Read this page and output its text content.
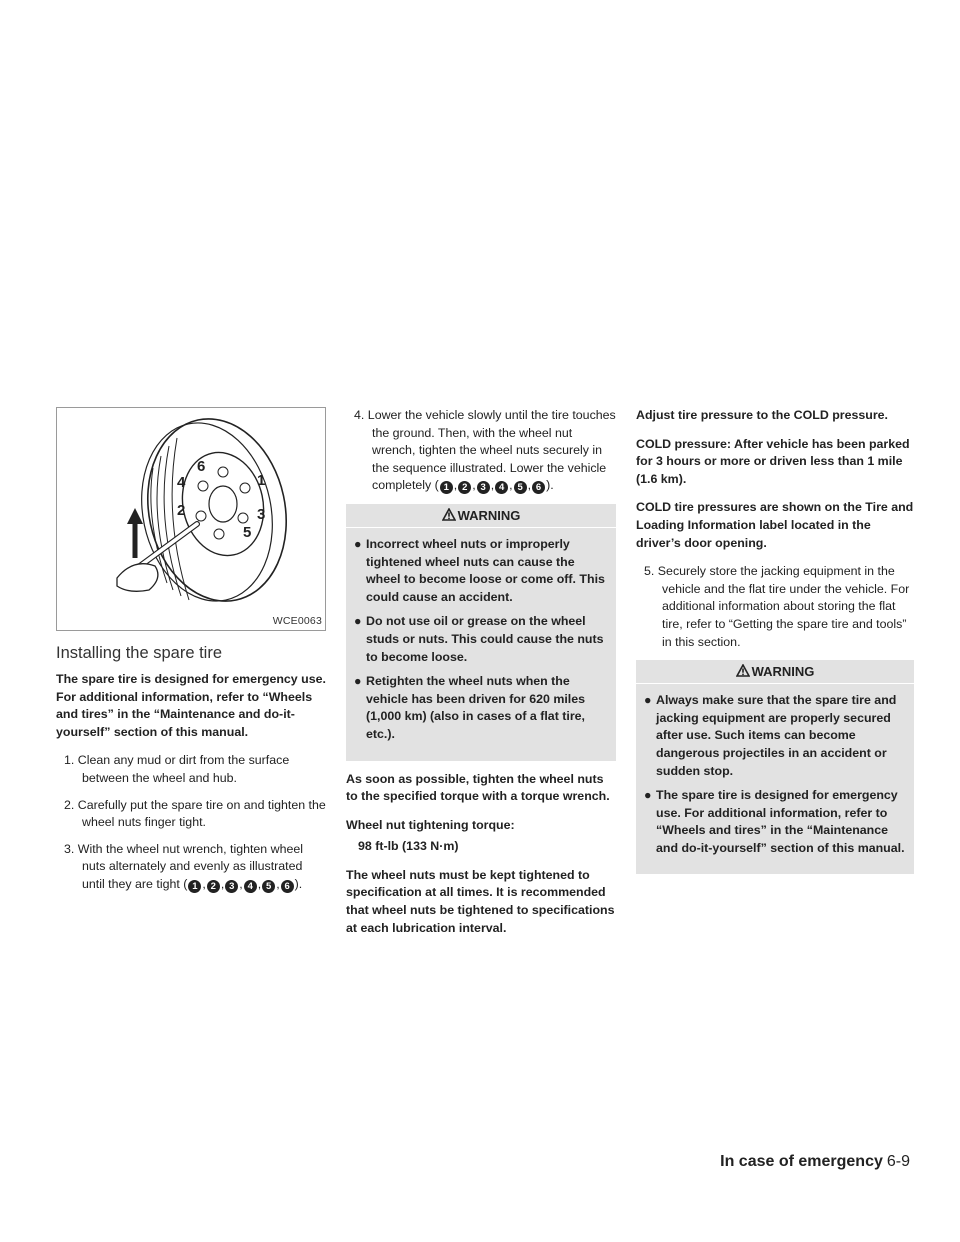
6
1
4
3
2
5
WCE0063
Installing the spare tire

The spare tire is designed for emergency use. For additional information, refer to “Wheels and tires” in the “Maintenance and do-it-yourself” section of this manual.

1. Clean any mud or dirt from the surface between the wheel and hub.
2. Carefully put the spare tire on and tighten the wheel nuts finger tight.
3. With the wheel nut wrench, tighten wheel nuts alternately and evenly as illustrated until they are tight ( 1 , 2 , 3 , 4 , 5 , 6 ).
4. Lower the vehicle slowly until the tire touches the ground. Then, with the wheel nut wrench, tighten the wheel nuts securely in the sequence illustrated. Lower the vehicle completely ( 1 , 2 , 3 , 4 , 5 , 6 ).
WARNING
● Incorrect wheel nuts or improperly tightened wheel nuts can cause the wheel to become loose or come off. This could cause an accident.
● Do not use oil or grease on the wheel studs or nuts. This could cause the nuts to become loose.
● Retighten the wheel nuts when the vehicle has been driven for 620 miles (1,000 km) (also in cases of a flat tire, etc.).

As soon as possible, tighten the wheel nuts to the specified torque with a torque wrench.

Wheel nut tightening torque:

98 ft-lb (133 N·m)

The wheel nuts must be kept tightened to specification at all times. It is recommended that wheel nuts be tightened to specifications at each lubrication interval.

Adjust tire pressure to the COLD pressure.

COLD pressure: After vehicle has been parked for 3 hours or more or driven less than 1 mile (1.6 km).

COLD tire pressures are shown on the Tire and Loading Information label located in the driver’s door opening.

5. Securely store the jacking equipment in the vehicle and the flat tire under the vehicle. For additional information about storing the flat tire, refer to “Getting the spare tire and tools” in this section.
WARNING
● Always make sure that the spare tire and jacking equipment are properly secured after use. Such items can become dangerous projectiles in an accident or sudden stop.
● The spare tire is designed for emergency use. For additional information, refer to “Wheels and tires” in the “Maintenance and do-it-yourself” section of this manual.
In case of emergency 6-9
